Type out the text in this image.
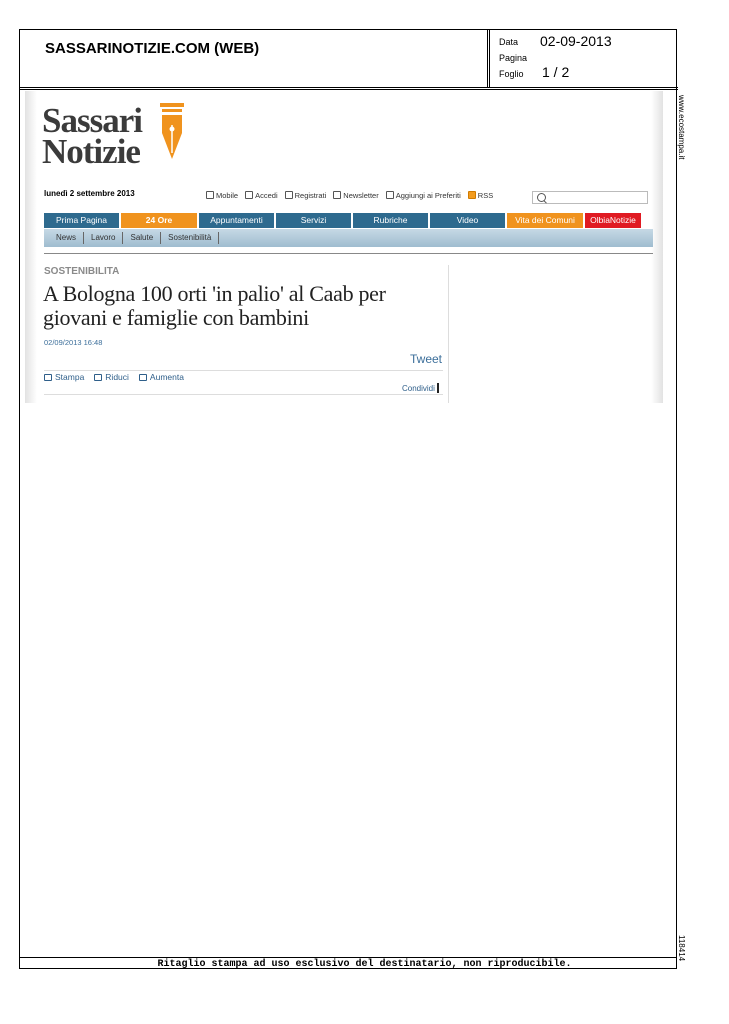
SASSARINOTIZIE.COM (WEB)	Data 02-09-2013
Pagina
Foglio 1 / 2
www.ecostampa.it
118414
Ritaglio stampa ad uso esclusivo del destinatario, non riproducibile.
Sassari
Notizie
lunedì 2 settembre 2013	Mobile Accedi Registrati Newsletter Aggiungi ai Preferiti RSS
Prima Pagina	24 Ore	Appuntamenti	Servizi	Rubriche	Video	Vita dei Comuni	OlbiaNotizie
News	Lavoro	Salute	Sostenibilità
SOSTENIBILITA
A Bologna 100 orti 'in palio' al Caab per giovani e famiglie con bambini
02/09/2013 16:48
Tweet
Stampa Riduci Aumenta
Condividi
